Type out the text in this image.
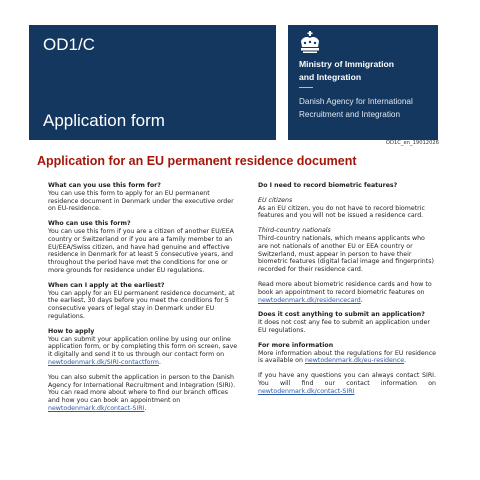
OD1/C
Application form
Ministry of Immigration
and Integration
Danish Agency for International
Recruitment and Integration
OD1C_en_19012026
Application for an EU permanent residence document

What can you use this form for?

You can use this form to apply for an EU permanent residence document in Denmark under the executive order on EU-residence.

Who can use this form?

You can use this form if you are a citizen of another EU/EEA country or Switzerland or if you are a family member to an EU/EEA/Swiss citizen, and have had genuine and effective residence in Denmark for at least 5 consecutive years, and throughout the period have met the conditions for one or more grounds for residence under EU regulations.

When can I apply at the earliest?

You can apply for an EU permanent residence document, at the earliest, 30 days before you meet the conditions for 5 consecutive years of legal stay in Denmark under EU regulations.

How to apply

You can submit your application online by using our online application form, or by completing this form on screen, save it digitally and send it to us through our contact form on newtodenmark.dk/SIRI-contactform.

You can also submit the application in person to the Danish Agency for International Recruitment and Integration (SIRI). You can read more about where to find our branch offices and how you can book an appointment on newtodenmark.dk/contact-SIRI.

Do I need to record biometric features?

EU citizens

As an EU citizen, you do not have to record biometric features and you will not be issued a residence card.

Third-country nationals

Third-country nationals, which means applicants who are not nationals of another EU or EEA country or Switzerland, must appear in person to have their biometric features (digital facial image and fingerprints) recorded for their residence card.

Read more about biometric residence cards and how to book an appointment to record biometric features on newtodenmark.dk/residencecard.

Does it cost anything to submit an application?

It does not cost any fee to submit an application under EU regulations.

For more information

More information about the regulations for EU residence is available on newtodenmark.dk/eu-residence.

If you have any questions you can always contact SIRI. You will find our contact information on newtodenmark.dk/contact-SIRI
